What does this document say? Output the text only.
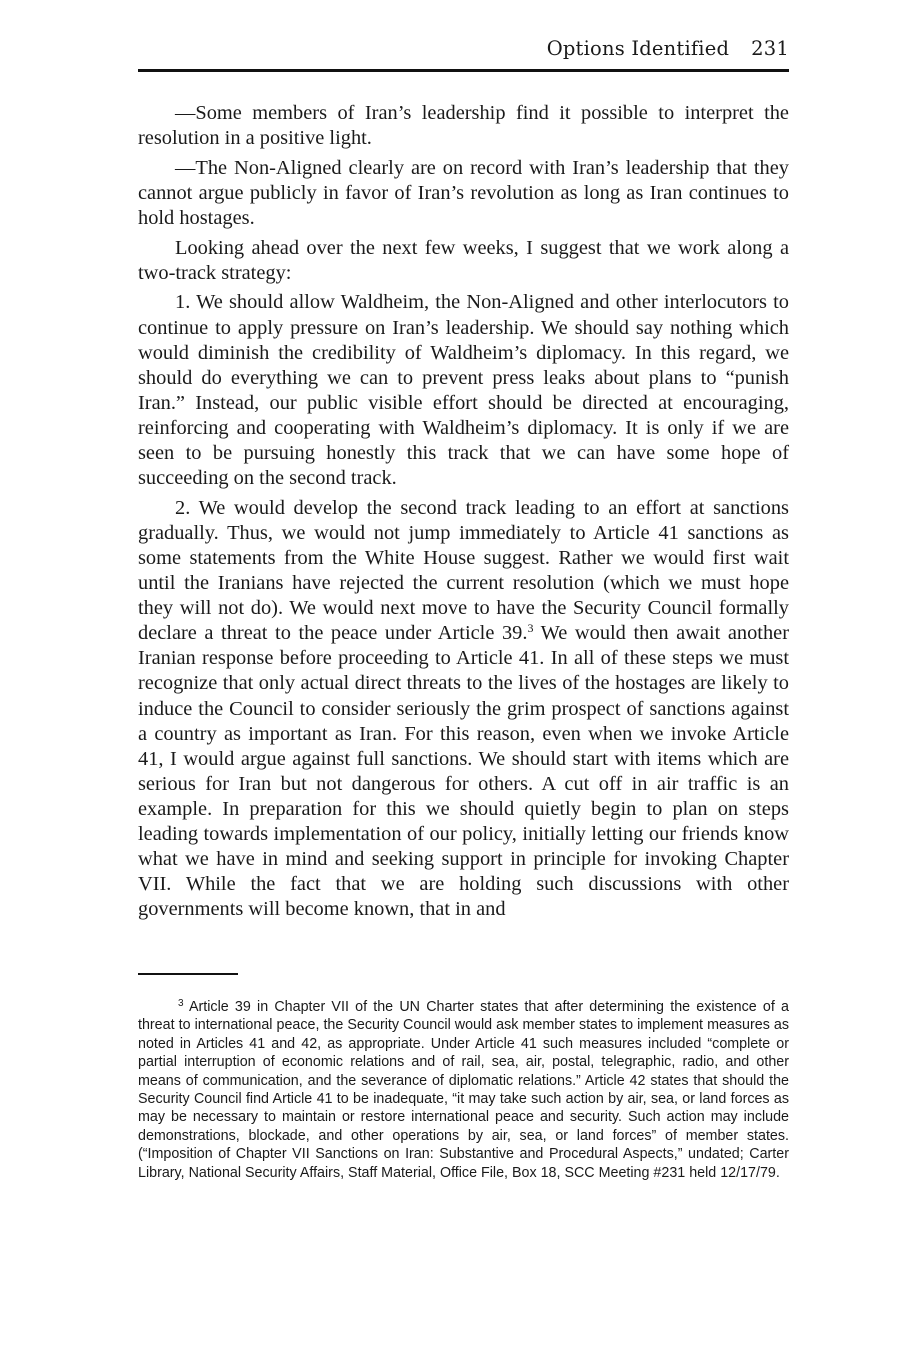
Options Identified 231

—Some members of Iran’s leadership find it possible to interpret the resolution in a positive light.

—The Non-Aligned clearly are on record with Iran’s leadership that they cannot argue publicly in favor of Iran’s revolution as long as Iran continues to hold hostages.

Looking ahead over the next few weeks, I suggest that we work along a two-track strategy:

1. We should allow Waldheim, the Non-Aligned and other interlocutors to continue to apply pressure on Iran’s leadership. We should say nothing which would diminish the credibility of Waldheim’s diplomacy. In this regard, we should do everything we can to prevent press leaks about plans to “punish Iran.” Instead, our public visible effort should be directed at encouraging, reinforcing and cooperating with Waldheim’s diplomacy. It is only if we are seen to be pursuing honestly this track that we can have some hope of succeeding on the second track.

2. We would develop the second track leading to an effort at sanctions gradually. Thus, we would not jump immediately to Article 41 sanctions as some statements from the White House suggest. Rather we would first wait until the Iranians have rejected the current resolution (which we must hope they will not do). We would next move to have the Security Council formally declare a threat to the peace under Article 39.$^3$ We would then await another Iranian response before proceeding to Article 41. In all of these steps we must recognize that only actual direct threats to the lives of the hostages are likely to induce the Council to consider seriously the grim prospect of sanctions against a country as important as Iran. For this reason, even when we invoke Article 41, I would argue against full sanctions. We should start with items which are serious for Iran but not dangerous for others. A cut off in air traffic is an example. In preparation for this we should quietly begin to plan on steps leading towards implementation of our policy, initially letting our friends know what we have in mind and seeking support in principle for invoking Chapter VII. While the fact that we are holding such discussions with other governments will become known, that in and

$^3$ Article 39 in Chapter VII of the UN Charter states that after determining the existence of a threat to international peace, the Security Council would ask member states to implement measures as noted in Articles 41 and 42, as appropriate. Under Article 41 such measures included “complete or partial interruption of economic relations and of rail, sea, air, postal, telegraphic, radio, and other means of communication, and the severance of diplomatic relations.” Article 42 states that should the Security Council find Article 41 to be inadequate, “it may take such action by air, sea, or land forces as may be necessary to maintain or restore international peace and security. Such action may include demonstrations, blockade, and other operations by air, sea, or land forces” of member states. (“Imposition of Chapter VII Sanctions on Iran: Substantive and Procedural Aspects,” undated; Carter Library, National Security Affairs, Staff Material, Office File, Box 18, SCC Meeting #231 held 12/17/79.
